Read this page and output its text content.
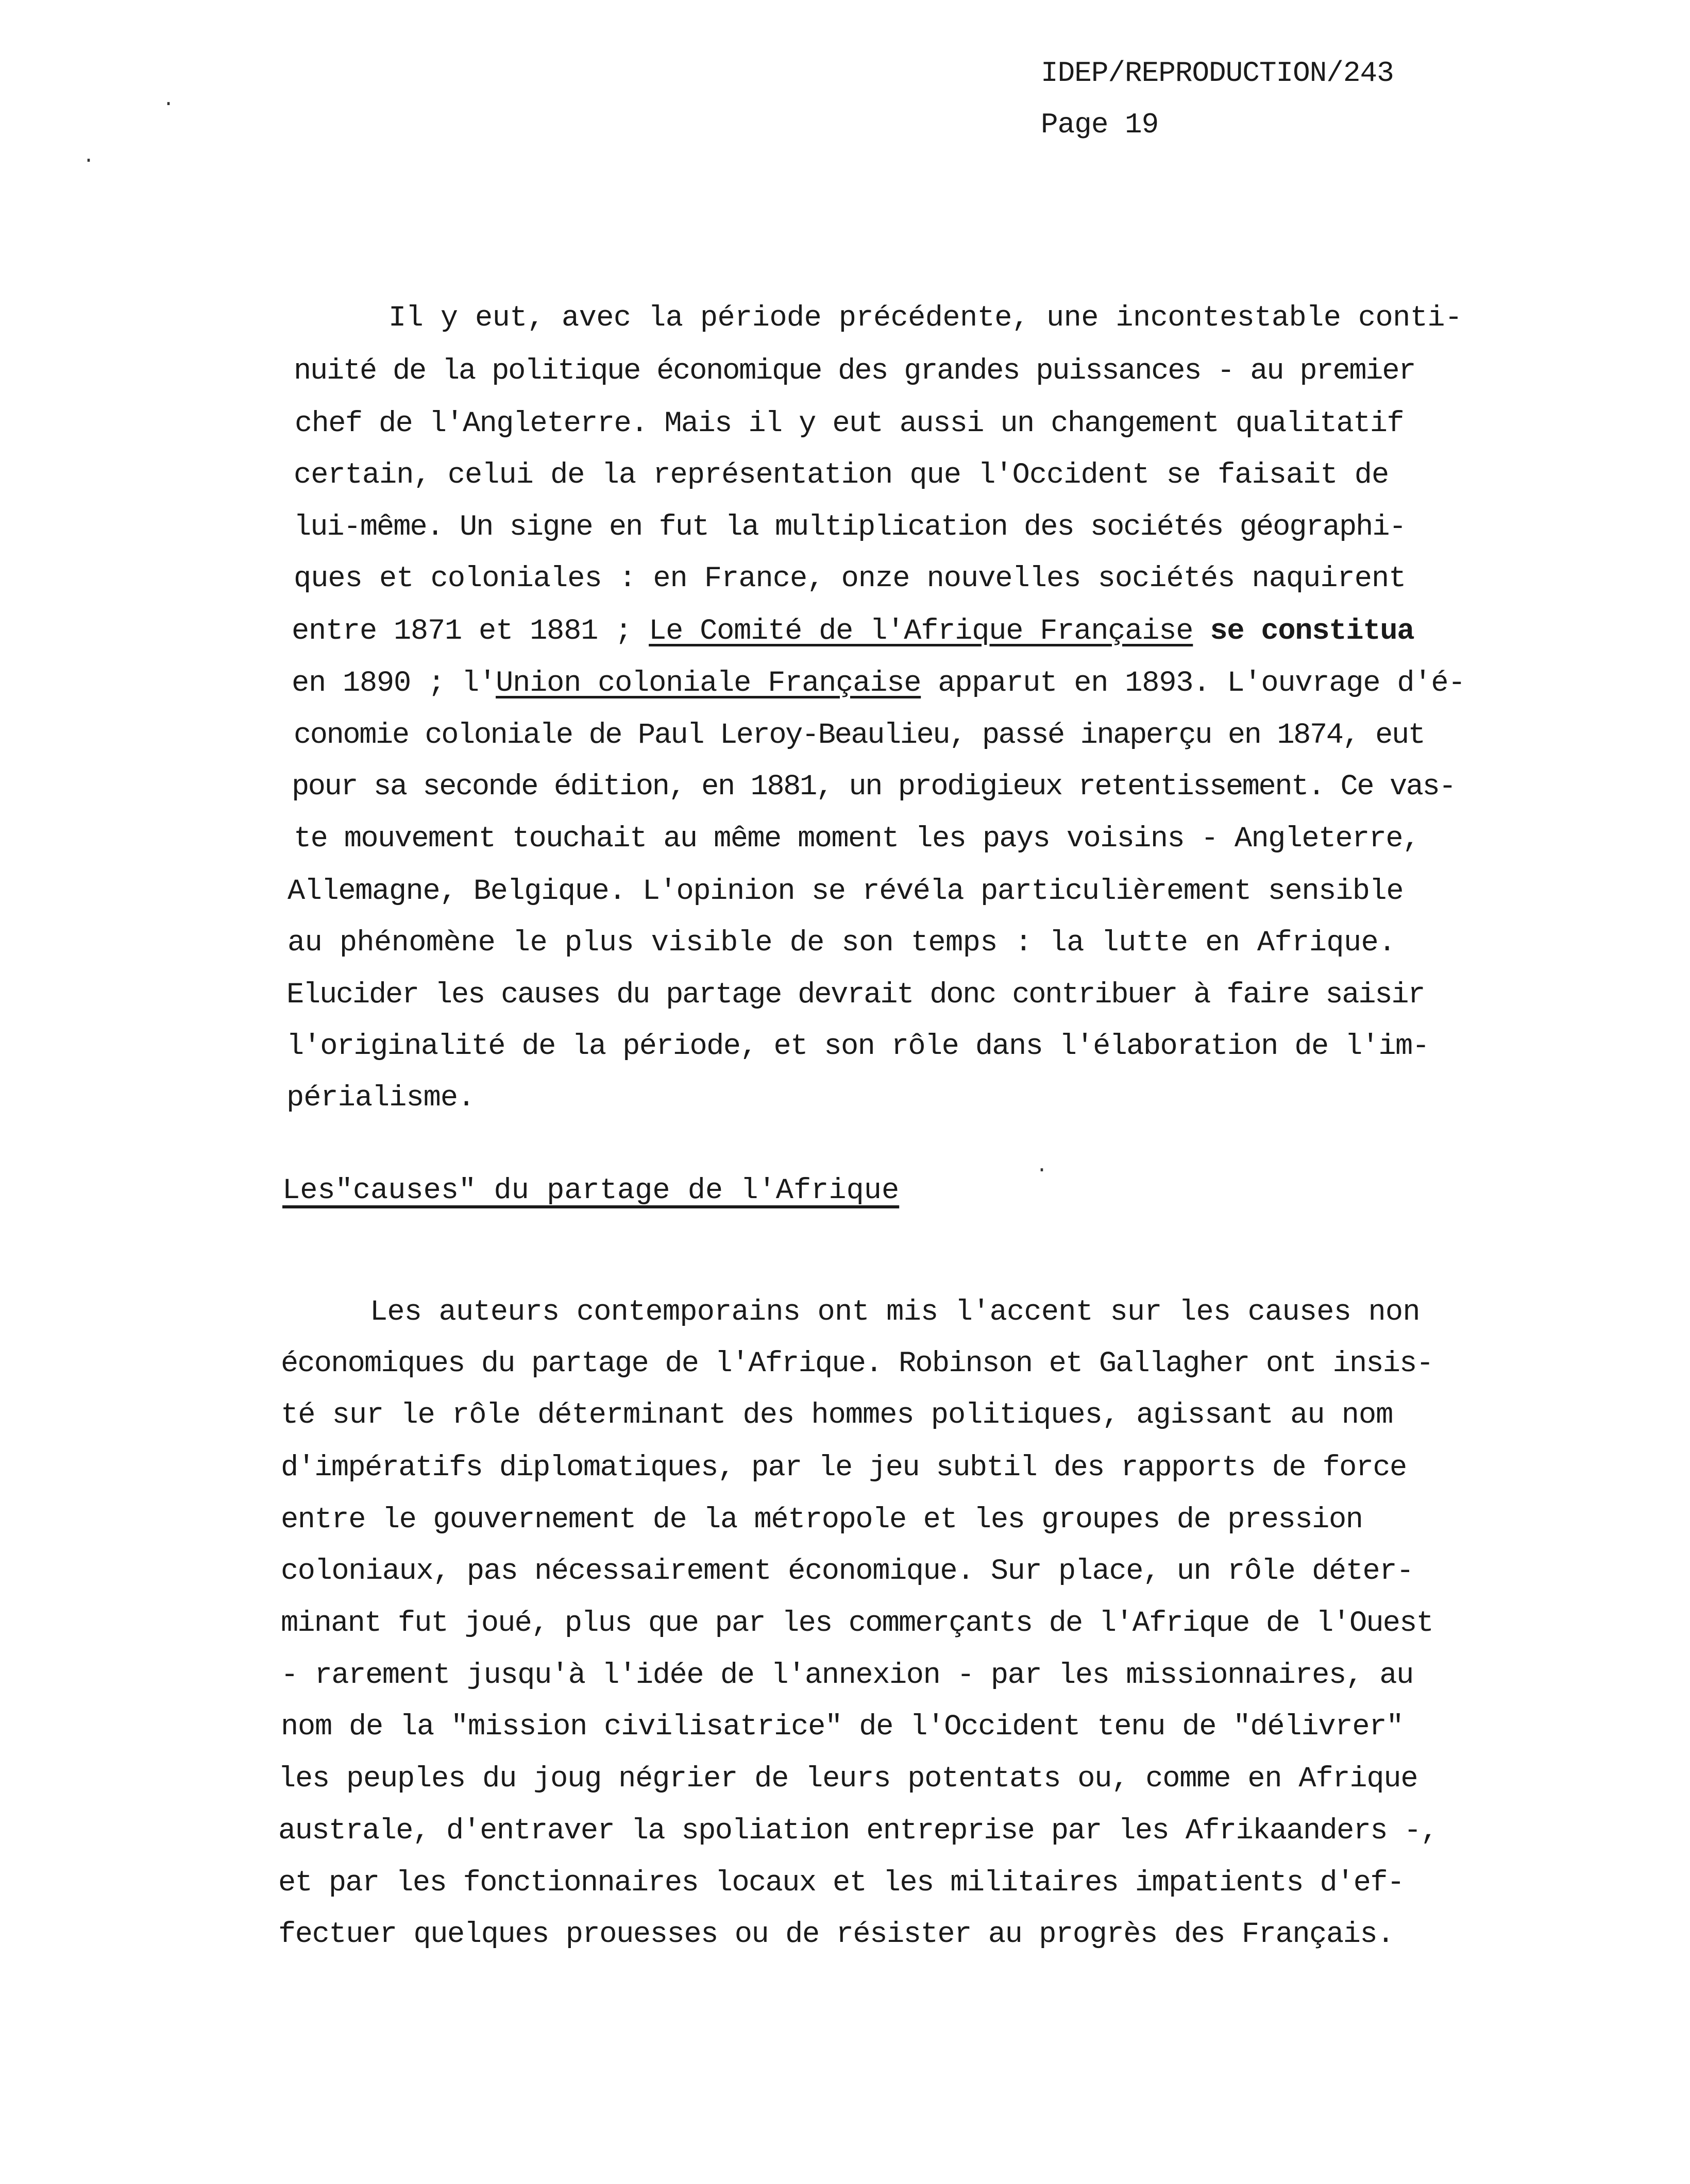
IDEP/REPRODUCTION/243
Page 19
·
·
Il y eut, avec la période précédente, une incontestable conti-
nuité de la politique économique des grandes puissances - au premier
chef de l'Angleterre. Mais il y eut aussi un changement qualitatif
certain, celui de la représentation que l'Occident se faisait de
lui-même. Un signe en fut la multiplication des sociétés géographi-
ques et coloniales : en France, onze nouvelles sociétés naquirent
entre 1871 et 1881 ; Le Comité de l'Afrique Française se constitua
en 1890 ; l'Union coloniale Française apparut en 1893. L'ouvrage d'é-
conomie coloniale de Paul Leroy-Beaulieu, passé inaperçu en 1874, eut
pour sa seconde édition, en 1881, un prodigieux retentissement. Ce vas-
te mouvement touchait au même moment les pays voisins - Angleterre,
Allemagne, Belgique. L'opinion se révéla particulièrement sensible
au phénomène le plus visible de son temps : la lutte en Afrique.
Elucider les causes du partage devrait donc contribuer à faire saisir
l'originalité de la période, et son rôle dans l'élaboration de l'im-
périalisme.
Les"causes" du partage de l'Afrique
·
Les auteurs contemporains ont mis l'accent sur les causes non
économiques du partage de l'Afrique. Robinson et Gallagher ont insis-
té sur le rôle déterminant des hommes politiques, agissant au nom
d'impératifs diplomatiques, par le jeu subtil des rapports de force
entre le gouvernement de la métropole et les groupes de pression
coloniaux, pas nécessairement économique. Sur place, un rôle déter-
minant fut joué, plus que par les commerçants de l'Afrique de l'Ouest
- rarement jusqu'à l'idée de l'annexion - par les missionnaires, au
nom de la "mission civilisatrice" de l'Occident tenu de "délivrer"
les peuples du joug négrier de leurs potentats ou, comme en Afrique
australe, d'entraver la spoliation entreprise par les Afrikaanders -,
et par les fonctionnaires locaux et les militaires impatients d'ef-
fectuer quelques prouesses ou de résister au progrès des Français.
